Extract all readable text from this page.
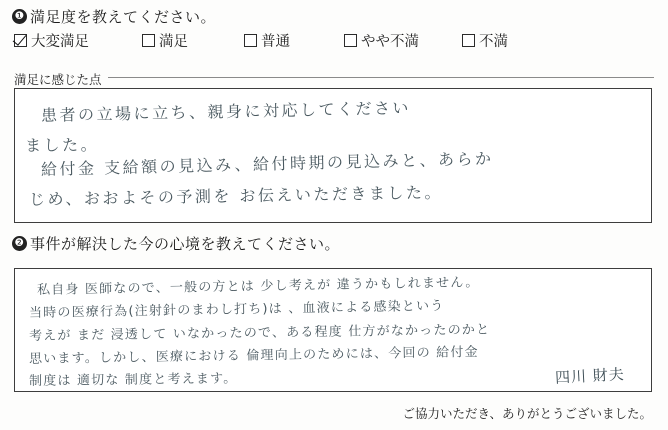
❶ 満足度を教えてください。
大変満足	満足	普通	やや不満	不満
満足に感じた点
患者の立場に立ち、親身に対応してください
ました。
給付金 支給額の見込み、給付時期の見込みと、あらか
じめ、おおよその予測を お伝えいただきました。
❷ 事件が解決した今の心境を教えてください。
私自身 医師なので、一般の方とは 少し考えが 違うかもしれません。
当時の医療行為(注射針のまわし打ち)は 、血液による感染という
考えが まだ 浸透して いなかったので、ある程度 仕方がなかったのかと
思います。しかし、医療における 倫理向上のためには、今回の 給付金
制度は 適切な 制度と考えます。	四川 財夫
ご協力いただき、ありがとうございました。
